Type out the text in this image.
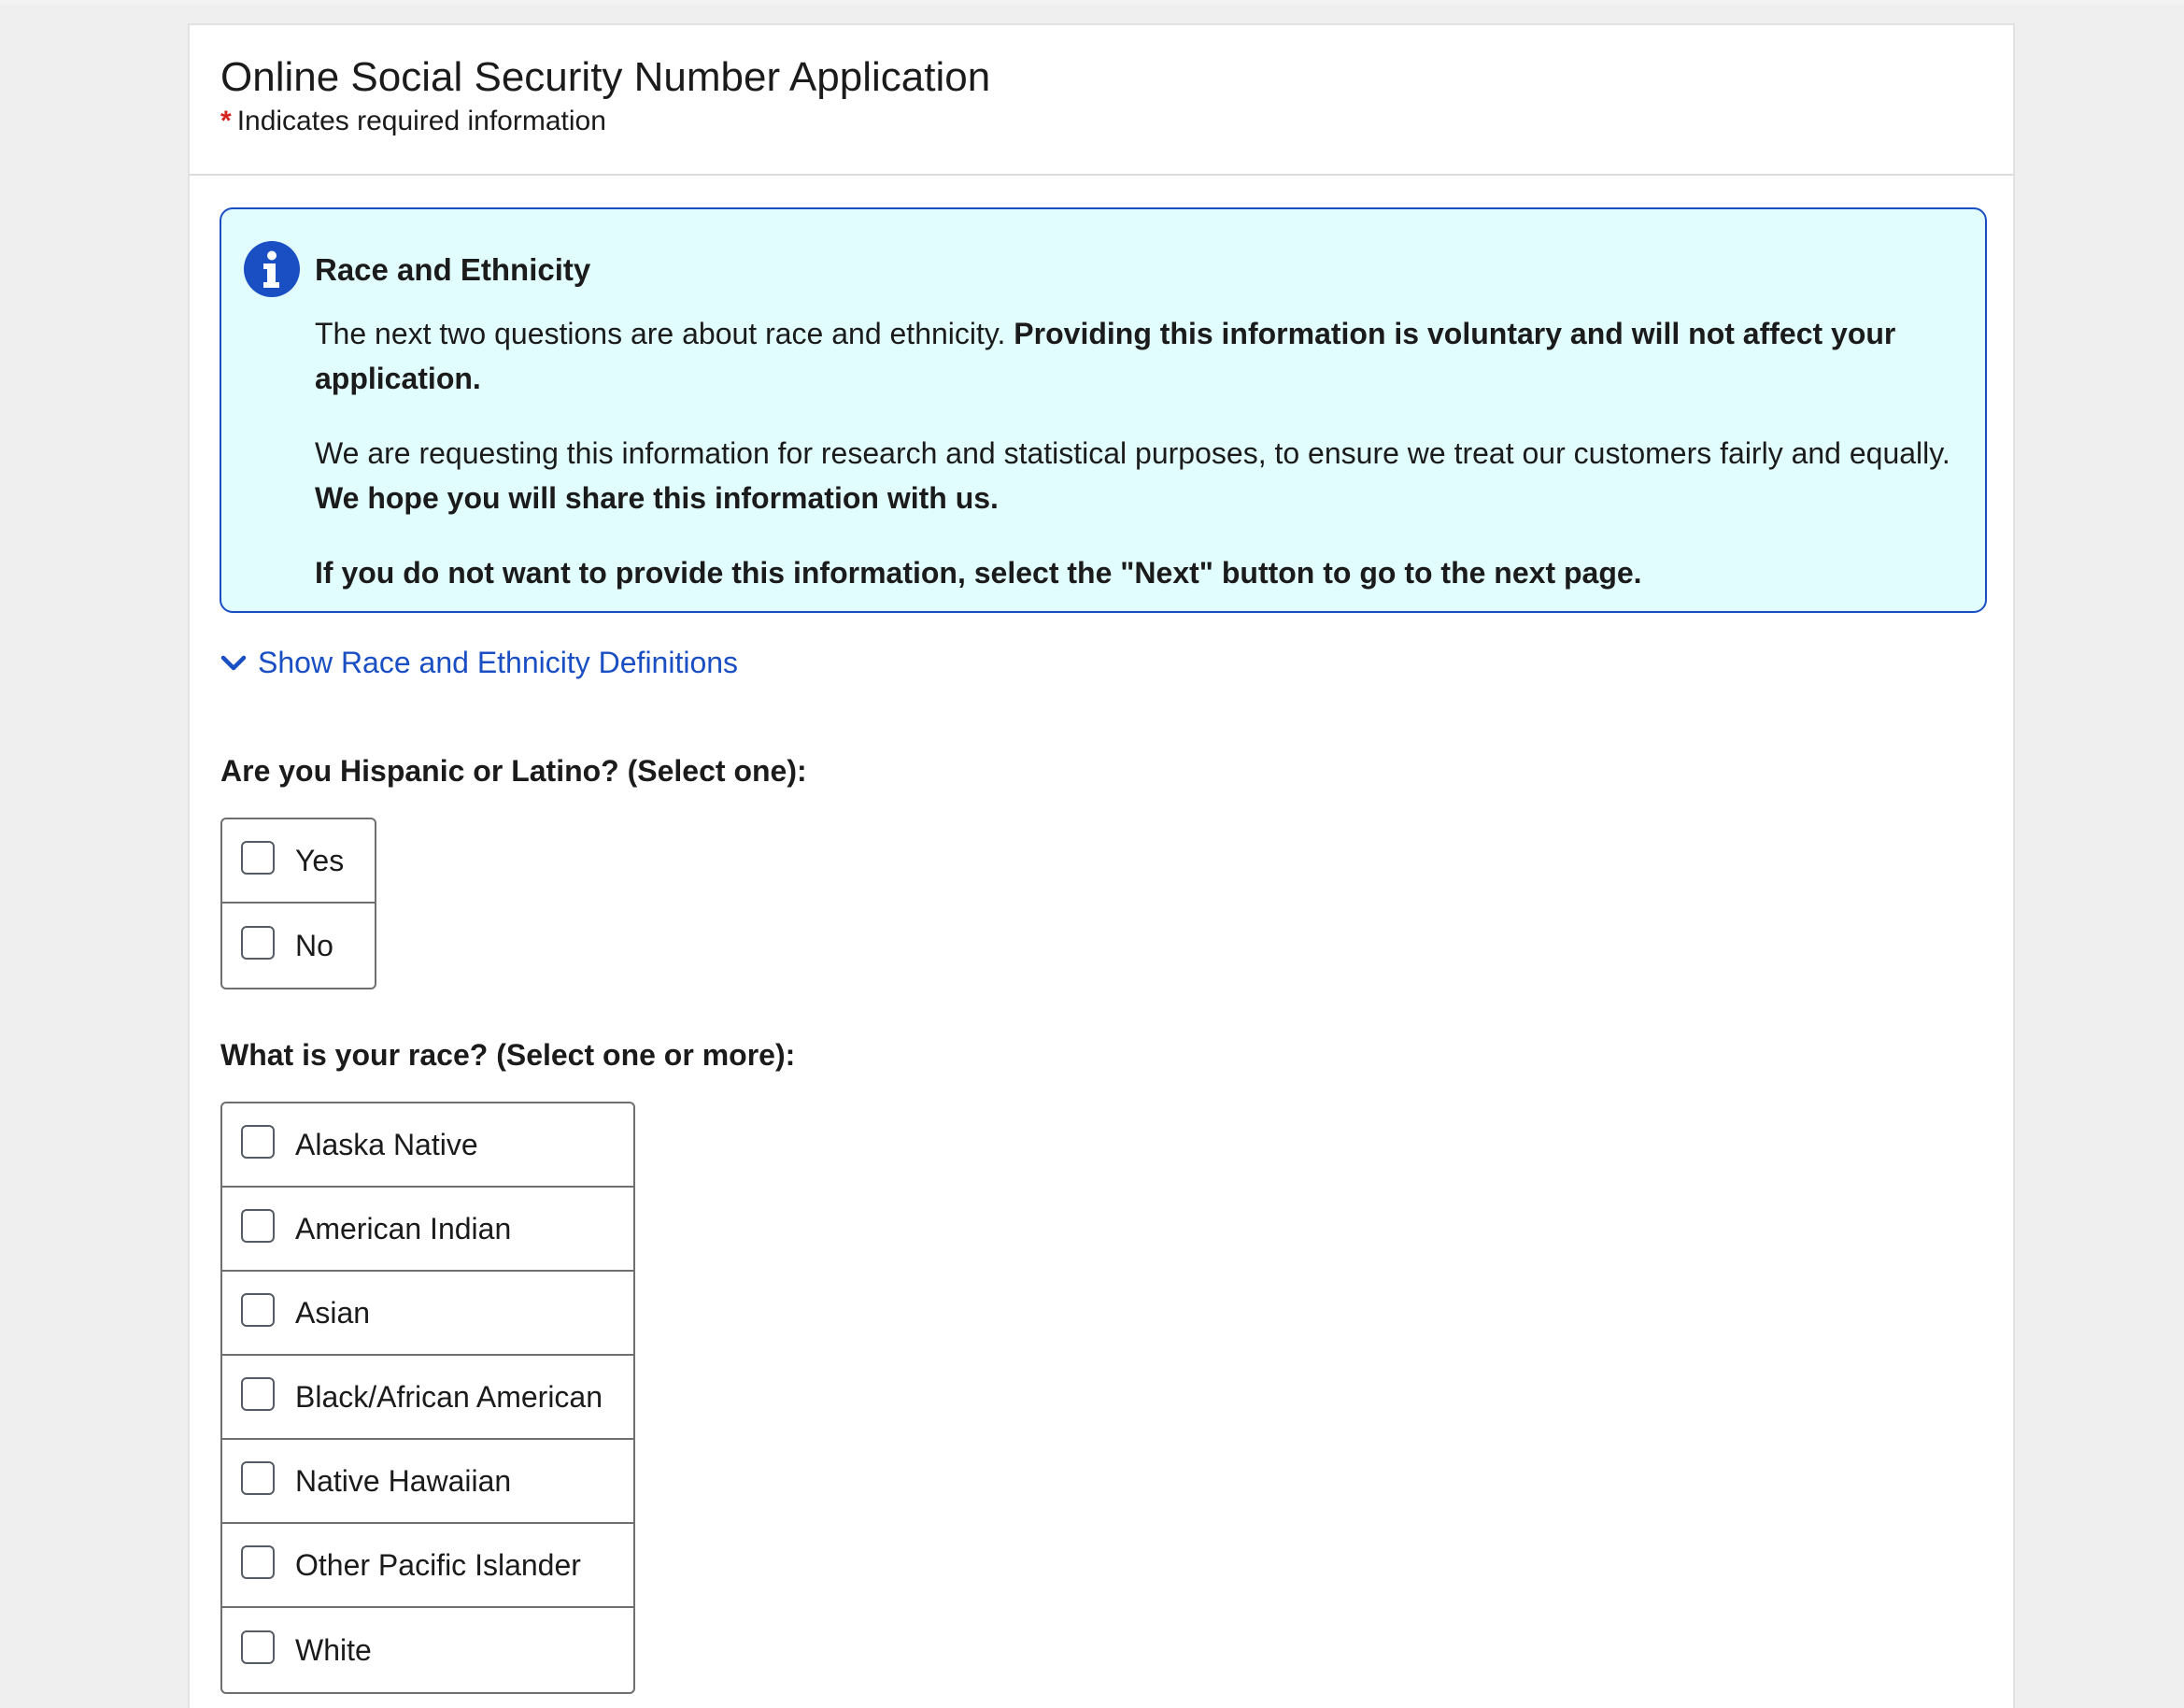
Online Social Security Number Application
* Indicates required information
Race and Ethnicity

The next two questions are about race and ethnicity. Providing this information is voluntary and will not affect your application.

We are requesting this information for research and statistical purposes, to ensure we treat our customers fairly and equally. We hope you will share this information with us.

If you do not want to provide this information, select the "Next" button to go to the next page.

Show Race and Ethnicity Definitions
Are you Hispanic or Latino? (Select one):
Yes
No
What is your race? (Select one or more):
Alaska Native
American Indian
Asian
Black/African American
Native Hawaiian
Other Pacific Islander
White
